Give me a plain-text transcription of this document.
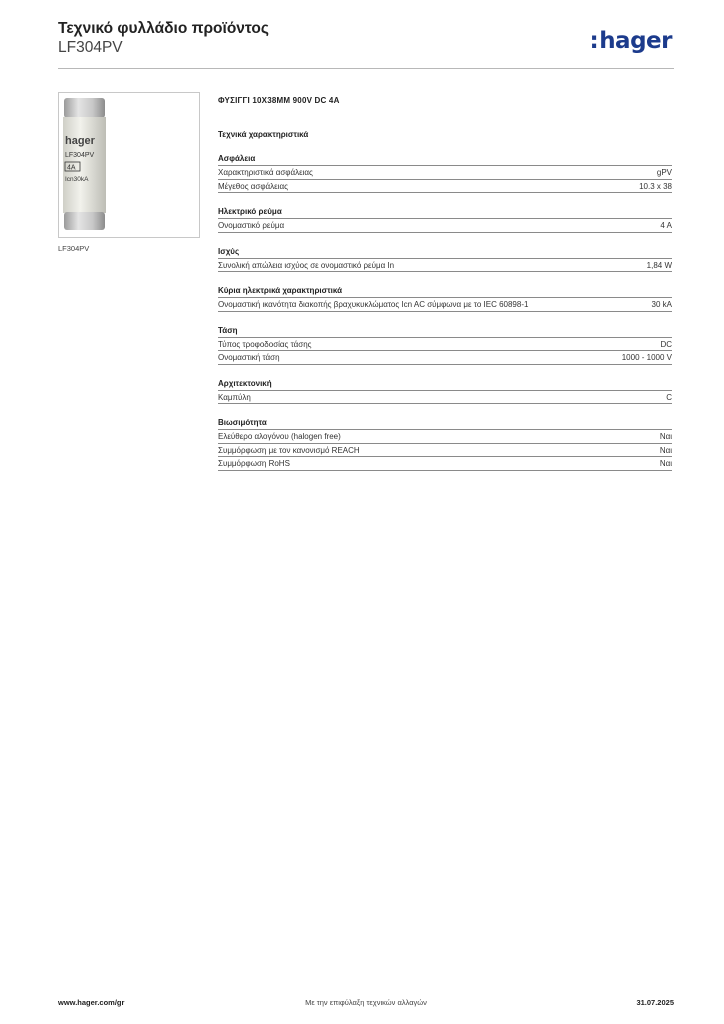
Τεχνικό φυλλάδιο προϊόντος
LF304PV	:hager
hager
LF304PV
4A
Icn30kA
LF304PV
ΦΥΣΙΓΓΙ 10Χ38ΜΜ 900V DC 4A
Τεχνικά χαρακτηριστικά
Ασφάλεια
Χαρακτηριστικά ασφάλειας	gPV
Μέγεθος ασφάλειας	10.3 x 38
Ηλεκτρικό ρεύμα
Ονομαστικό ρεύμα	4 A
Ισχύς
Συνολική απώλεια ισχύος σε ονομαστικό ρεύμα In	1,84 W
Κύρια ηλεκτρικά χαρακτηριστικά
Ονομαστική ικανότητα διακοπής βραχυκυκλώματος Icn AC σύμφωνα με το IEC 60898-1	30 kA
Τάση
Τύπος τροφοδοσίας τάσης	DC
Ονομαστική τάση	1000 - 1000 V
Αρχιτεκτονική
Καμπύλη	C
Βιωσιμότητα
Ελεύθερο αλογόνου (halogen free)	Ναι
Συμμόρφωση με τον κανονισμό REACH	Ναι
Συμμόρφωση RoHS	Ναι
www.hager.com/gr	Με την επιφύλαξη τεχνικών αλλαγών	31.07.2025
